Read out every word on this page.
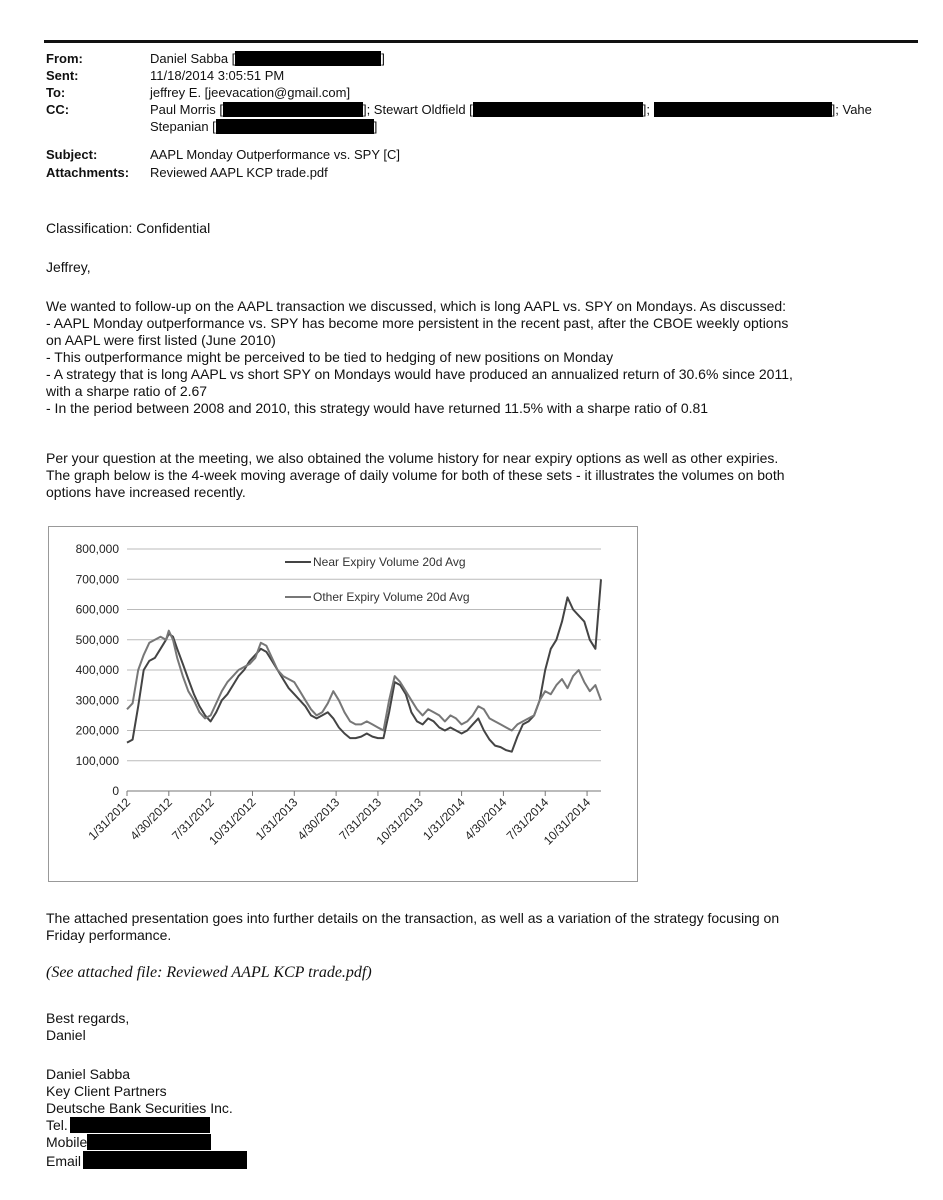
From:	Daniel Sabba [	]
Sent:	11/18/2014 3:05:51 PM
To:	jeffrey E. [jeevacation@gmail.com]
CC:	Paul Morris [	]; Stewart Oldfield [	];	]; Vahe
Stepanian [	]
Subject:	AAPL Monday Outperformance vs. SPY [C]
Attachments: Reviewed AAPL KCP trade.pdf
Classification: Confidential
Jeffrey,
We wanted to follow-up on the AAPL transaction we discussed, which is long AAPL vs. SPY on Mondays. As discussed:
- AAPL Monday outperformance vs. SPY has become more persistent in the recent past, after the CBOE weekly options
on AAPL were first listed (June 2010)
- This outperformance might be perceived to be tied to hedging of new positions on Monday
- A strategy that is long AAPL vs short SPY on Mondays would have produced an annualized return of 30.6% since 2011,
with a sharpe ratio of 2.67
- In the period between 2008 and 2010, this strategy would have returned 11.5% with a sharpe ratio of 0.81
Per your question at the meeting, we also obtained the volume history for near expiry options as well as other expiries.
The graph below is the 4-week moving average of daily volume for both of these sets - it illustrates the volumes on both
options have increased recently.
800,000
700,000
600,000
500,000
400,000
300,000
200,000
100,000
0
1/31/2012
4/30/2012
7/31/2012
10/31/2012
1/31/2013
4/30/2013
7/31/2013
10/31/2013
1/31/2014
4/30/2014
7/31/2014
10/31/2014
Near Expiry Volume 20d Avg
Other Expiry Volume 20d Avg
The attached presentation goes into further details on the transaction, as well as a variation of the strategy focusing on
Friday performance.
(See attached file: Reviewed AAPL KCP trade.pdf)
Best regards,
Daniel
Daniel Sabba
Key Client Partners
Deutsche Bank Securities Inc.
Tel.
Mobile
Email
